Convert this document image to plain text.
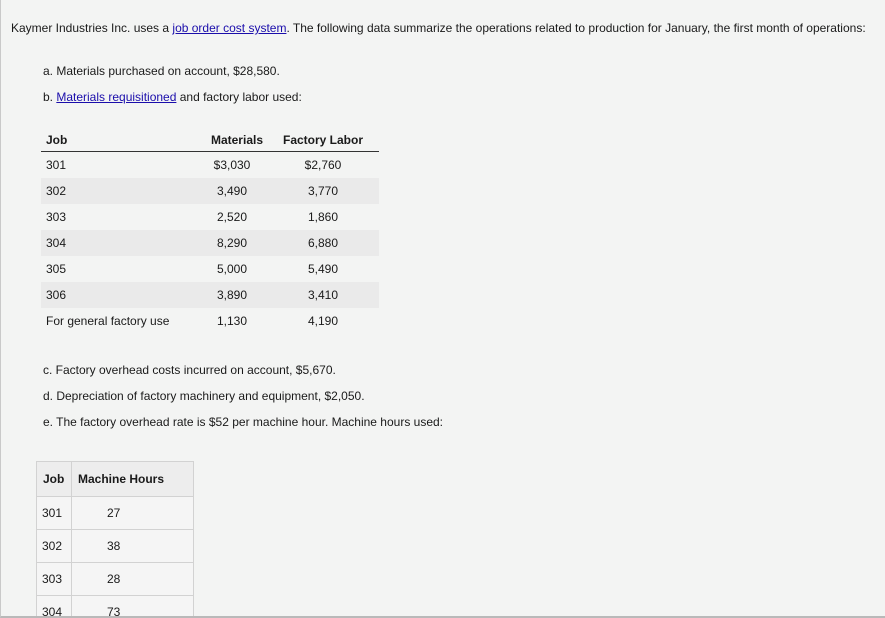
Kaymer Industries Inc. uses a job order cost system. The following data summarize the operations related to production for January, the first month of operations:
a. Materials purchased on account, $28,580.
b. Materials requisitioned and factory labor used:
Job	Materials	Factory Labor
301	$3,030	$2,760
302	3,490	3,770
303	2,520	1,860
304	8,290	6,880
305	5,000	5,490
306	3,890	3,410
For general factory use	1,130	4,190
c. Factory overhead costs incurred on account, $5,670.
d. Depreciation of factory machinery and equipment, $2,050.
e. The factory overhead rate is $52 per machine hour. Machine hours used:
Job	Machine Hours
301	27
302	38
303	28
304	73
